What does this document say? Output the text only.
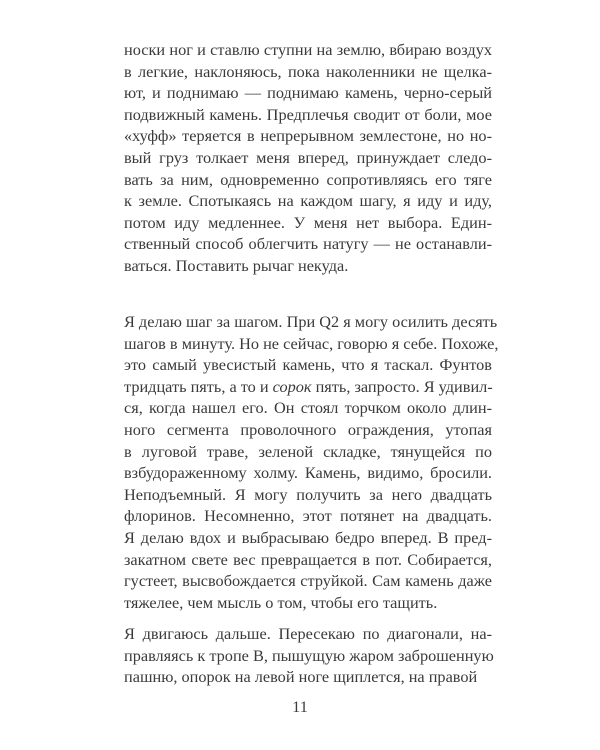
носки ног и ставлю ступни на землю, вбираю воздух
в легкие, наклоняюсь, пока наколенники не щелка-
ют, и поднимаю — поднимаю камень, черно-серый
подвижный камень. Предплечья сводит от боли, мое
«хуфф» теряется в непрерывном землестоне, но но-
вый груз толкает меня вперед, принуждает следо-
вать за ним, одновременно сопротивляясь его тяге
к земле. Спотыкаясь на каждом шагу, я иду и иду,
потом иду медленнее. У меня нет выбора. Един-
ственный способ облегчить натугу — не останавли-
ваться. Поставить рычаг некуда.
Я делаю шаг за шагом. При Q2 я могу осилить десять
шагов в минуту. Но не сейчас, говорю я себе. Похоже,
это самый увесистый камень, что я таскал. Фунтов
тридцать пять, а то и сорок пять, запросто. Я удивил-
ся, когда нашел его. Он стоял торчком около длин-
ного сегмента проволочного ограждения, утопая
в луговой траве, зеленой складке, тянущейся по
взбудораженному холму. Камень, видимо, бросили.
Неподъемный. Я могу получить за него двадцать
флоринов. Несомненно, этот потянет на двадцать.
Я делаю вдох и выбрасываю бедро вперед. В пред-
закатном свете вес превращается в пот. Собирается,
густеет, высвобождается струйкой. Сам камень даже
тяжелее, чем мысль о том, чтобы его тащить.
Я двигаюсь дальше. Пересекаю по диагонали, на-
правляясь к тропе B, пышущую жаром заброшенную
пашню, опорок на левой ноге щиплется, на правой
11
